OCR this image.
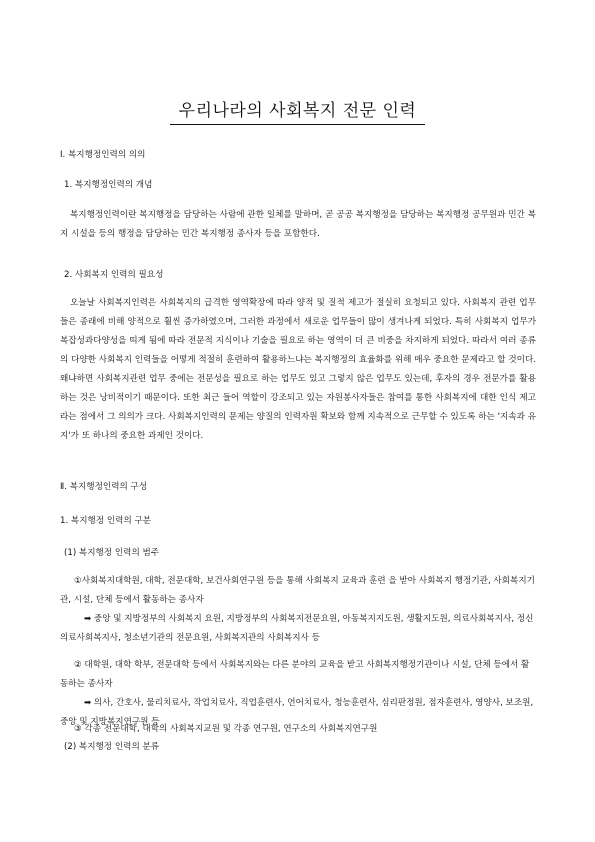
우리나라의 사회복지 전문 인력
Ⅰ. 복지행정인력의 의의
1. 복지행정인력의 개념

복지행정인력이란 복지행정을 담당하는 사람에 관한 일체를 말하며, 곧 공공 복지행정을 담당하는 복지행정 공무원과 민간 복지 시설을 등의 행정을 담당하는 민간 복지행정 종사자 등을 포함한다.

2. 사회복지 인력의 필요성

오늘날 사회복지인력은 사회복지의 급격한 영역확장에 따라 양적 및 질적 제고가 절실히 요청되고 있다. 사회복지 관련 업무들은 종래에 비해 양적으로 훨씬 증가하였으며, 그러한 과정에서 새로운 업무들이 많이 생겨나게 되었다. 특히 사회복지 업무가 복잡성과다양성을 띠게 됨에 따라 전문적 지식이나 기술을 필요로 하는 영역이 더 큰 비중을 차지하게 되었다. 따라서 여러 종류의 다양한 사회복지 인력들을 어떻게 적절히 훈련하여 활용하느냐는 복지행정의 효율화를 위해 매우 중요한 문제라고 할 것이다. 왜냐하면 사회복지관련 업무 중에는 전문성을 필요로 하는 업무도 있고 그렇지 않은 업무도 있는데, 후자의 경우 전문가를 활용하는 것은 낭비적이기 때문이다. 또한 최근 들어 역할이 강조되고 있는 자원봉사자들은 참여를 통한 사회복지에 대한 인식 제고라는 점에서 그 의의가 크다. 사회복지인력의 문제는 양질의 인력자원 확보와 함께 지속적으로 근무할 수 있도록 하는 '지속과 유지'가 또 하나의 중요한 과제인 것이다.

Ⅱ. 복지행정인력의 구성
1. 복지행정 인력의 구분
(1) 복지행정 인력의 범주

①사회복지대학원, 대학, 전문대학, 보건사회연구원 등을 통해 사회복지 교육과 훈련 을 받아 사회복지 행정기관, 사회복지기관, 시설, 단체 등에서 활동하는 종사자

➡ 중앙 및 지방정부의 사회복지 요원, 지방정부의 사회복지전문요원, 아동복지지도원, 생활지도원, 의료사회복지사, 정신의료사회복지사, 청소년기관의 전문요원, 사회복지관의 사회복지사 등

② 대학원, 대학 학부, 전문대학 등에서 사회복지와는 다른 분야의 교육을 받고 사회복지행정기관이나 시설, 단체 등에서 활동하는 종사자

➡ 의사, 간호사, 물리치료사, 작업치료사, 직업훈련사, 언어치료사, 청능훈련사, 심리판정원, 점자훈련사, 영양사, 보조원, 중앙 및 지방복지연구원 등

③ 각종 전문대학, 대학의 사회복지교원 및 각종 연구원, 연구소의 사회복지연구원

(2) 복지행정 인력의 분류
